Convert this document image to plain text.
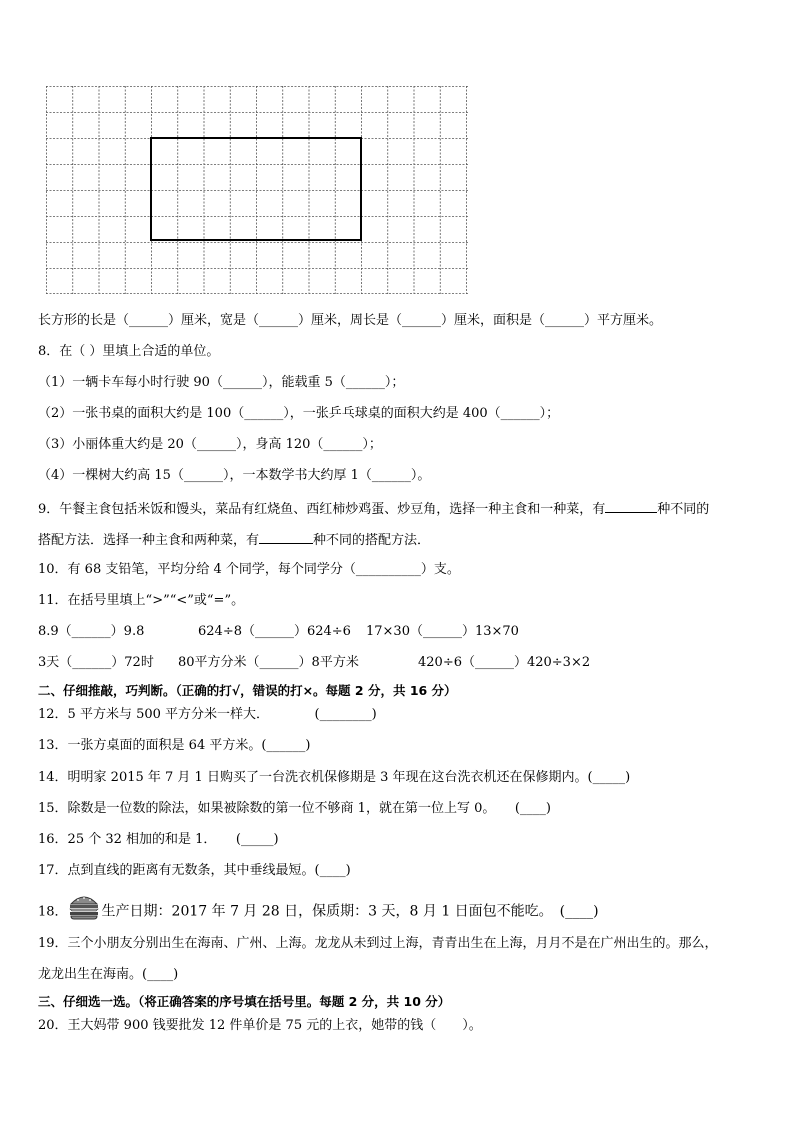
长方形的长是（______）厘米，宽是（______）厘米，周长是（______）厘米，面积是（______）平方厘米。
8．在（ ）里填上合适的单位。
（1）一辆卡车每小时行驶 90（______），能载重 5（______）；
（2）一张书桌的面积大约是 100（______），一张乒乓球桌的面积大约是 400（______）；
（3）小丽体重大约是 20（______），身高 120（______）；
（4）一棵树大约高 15（______），一本数学书大约厚 1（______）。
9．午餐主食包括米饭和馒头，菜品有红烧鱼、西红柿炒鸡蛋、炒豆角，选择一种主食和一种菜，有	种不同的
搭配方法．选择一种主食和两种菜，有	种不同的搭配方法．
10．有 68 支铅笔，平均分给 4 个同学，每个同学分（__________）支。
11．在括号里填上“>”“<”或“=”。
8.9（______）9.8	624÷8（______）624÷6 17×30（______）13×70
3天（______）72时 80平方分米（______）8平方米	420÷6（______）420÷3×2
二、仔细推敲，巧判断。（正确的打√，错误的打×。每题 2 分，共 16 分）
12．5 平方米与 500 平方分米一样大．　　　　(________)
13．一张方桌面的面积是 64 平方米。(______)
14．明明家 2015 年 7 月 1 日购买了一台洗衣机保修期是 3 年现在这台洗衣机还在保修期内。(_____)
15．除数是一位数的除法，如果被除数的第一位不够商 1，就在第一位上写 0。　　(____)
16．25 个 32 相加的和是 1．　　(_____)
17．点到直线的距离有无数条，其中垂线最短。(____)
18． 生产日期：2017 年 7 月 28 日，保质期：3 天，8 月 1 日面包不能吃。　(____)
19．三个小朋友分别出生在海南、广州、上海。龙龙从未到过上海，青青出生在上海，月月不是在广州出生的。那么，
龙龙出生在海南。(____)
三、仔细选一选。（将正确答案的序号填在括号里。每题 2 分，共 10 分）
20．王大妈带 900 钱要批发 12 件单价是 75 元的上衣，她带的钱（　　）。
